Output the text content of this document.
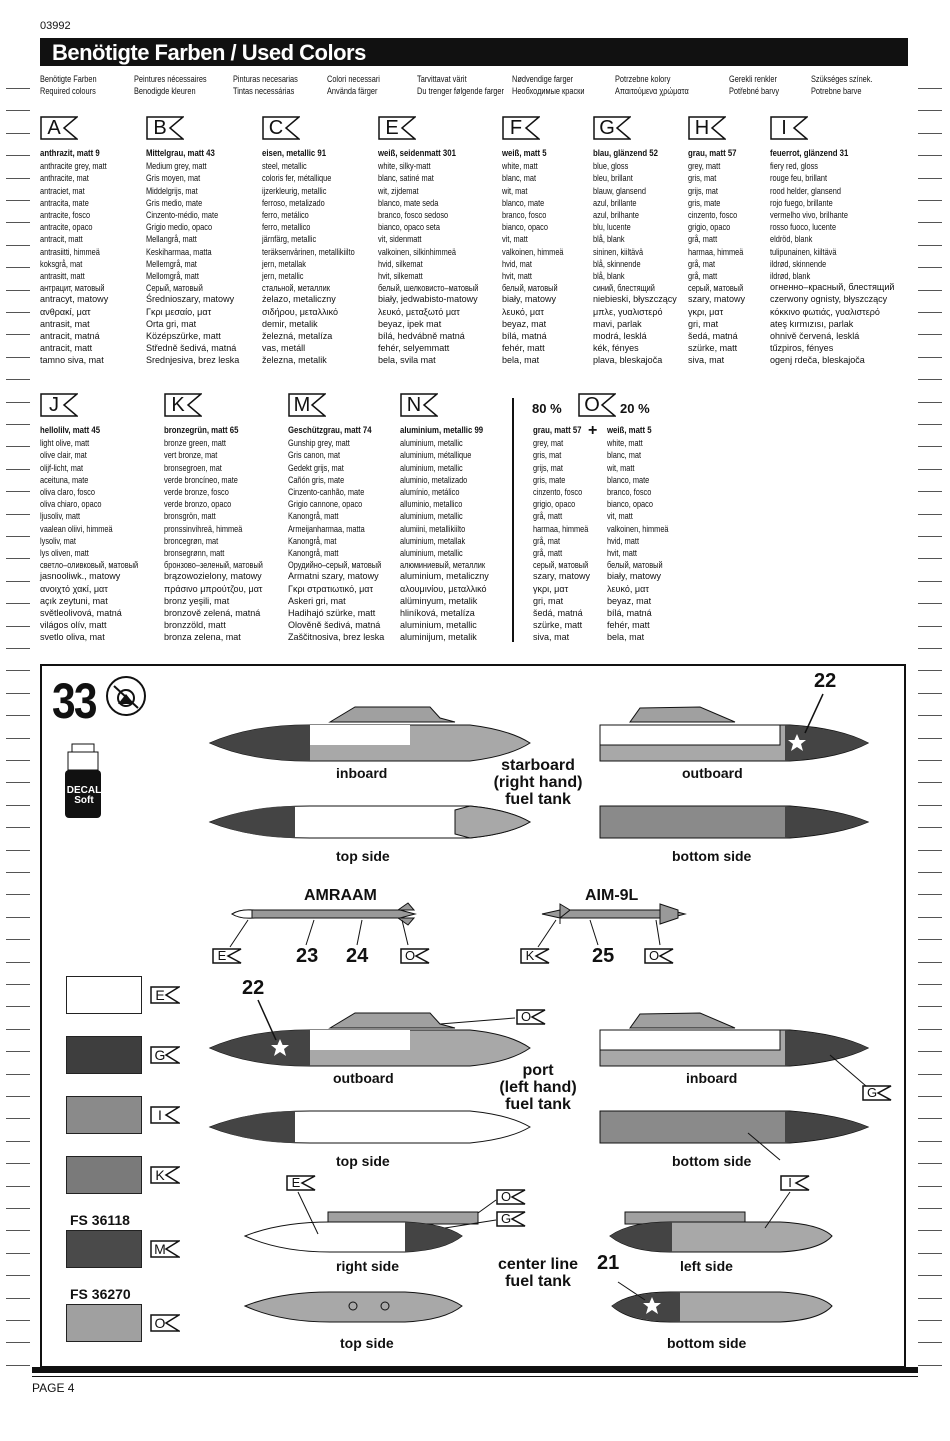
03992
Benötigte Farben / Used Colors
Benötigte Farben
Required colours
Peintures nécessaires
Benodigde kleuren
Pinturas necesarias
Tintas necessárias
Colori necessari
Använda färger
Tarvittavat värit
Du trenger følgende farger
Nødvendige farger
Необходимые краски
Potrzebne kolory
Απαιτούμενα χρώματα
Gerekli renkler
Potřebné barvy
Szükséges színek.
Potrebne barve
A
anthrazit, matt 9
anthracite grey, matt
anthracite, mat
antraciet, mat
antracita, mate
antracite, fosco
antracite, opaco
antracit, matt
antrasiitti, himmeä
koksgrå, mat
antrasitt, matt
антрацит, матовый
antracyt, matowy
ανθρακί, ματ
antrasit, mat
antracit, matná
antracit, matt
tamno siva, mat
B
Mittelgrau, matt 43
Medium grey, matt
Gris moyen, mat
Middelgrijs, mat
Gris medio, mate
Cinzento-médio, mate
Grigio medio, opaco
Mellangrå, matt
Keskiharmaa, matta
Mellemgrå, mat
Mellomgrå, matt
Серый, матовый
Średnioszary, matowy
Γκρι μεσαίο, ματ
Orta gri, mat
Középszürke, matt
Středně šedivá, matná
Srednjesiva, brez leska
C
eisen, metallic 91
steel, metallic
coloris fer, métallique
ijzerkleurig, metallic
ferroso, metalizado
ferro, metálico
ferro, metallico
järnfärg, metallic
teräksenvärinen, metallikiilto
jern, metallak
jern, metallic
стальной, металлик
żelazo, metaliczny
σιδήρου, μεταλλικό
demir, metalik
železná, metalíza
vas, metáll
železna, metalik
E
weiß, seidenmatt 301
white, silky-matt
blanc, satiné mat
wit, zijdemat
blanco, mate seda
branco, fosco sedoso
bianco, opaco seta
vit, sidenmatt
valkoinen, silkinhimmeä
hvid, silkemat
hvit, silkematt
белый, шелковисто–матовый
biały, jedwabisto-matowy
λευκό, μεταξωτό ματ
beyaz, ipek mat
bílá, hedvábně matná
fehér, selyemmatt
bela, svila mat
F
weiß, matt 5
white, matt
blanc, mat
wit, mat
blanco, mate
branco, fosco
bianco, opaco
vit, matt
valkoinen, himmeä
hvid, mat
hvit, matt
белый, матовый
biały, matowy
λευκό, ματ
beyaz, mat
bílá, matná
fehér, matt
bela, mat
G
blau, glänzend 52
blue, gloss
bleu, brillant
blauw, glansend
azul, brillante
azul, brilhante
blu, lucente
blå, blank
sininen, kiiltävä
blå, skinnende
blå, blank
синий, блестящий
niebieski, błyszczący
μπλε, γυαλιστερό
mavi, parlak
modrá, lesklá
kék, fényes
plava, bleskajoča
H
grau, matt 57
grey, matt
gris, mat
grijs, mat
gris, mate
cinzento, fosco
grigio, opaco
grå, matt
harmaa, himmeä
grå, mat
grå, matt
серый, матовый
szary, matowy
γκρι, ματ
gri, mat
šedá, matná
szürke, matt
siva, mat
I
feuerrot, glänzend 31
fiery red, gloss
rouge feu, brillant
rood helder, glansend
rojo fuego, brillante
vermelho vivo, brilhante
rosso fuoco, lucente
eldröd, blank
tulipunainen, kiiltävä
ildrød, skinnende
ildrød, blank
огненно–красный, блестящий
czerwony ognisty, błyszczący
κόκκινο φωτιάς, γυαλιστερό
ateş kırmızısı, parlak
ohnivě červená, lesklá
tűzpiros, fényes
ogenj rdeča, bleskajoča
J
hellolilv, matt 45
light olive, matt
olive clair, mat
olijf-licht, mat
aceituna, mate
oliva claro, fosco
oliva chiaro, opaco
ljusoliv, matt
vaalean oliivi, himmeä
lysoliv, mat
lys oliven, matt
светло–оливковый, матовый
jasnooliwk., matowy
ανοιχτό χακί, ματ
açık zeytuni, mat
světleolivová, matná
világos olív, matt
svetlo oliva, mat
K
bronzegrün, matt 65
bronze green, matt
vert bronze, mat
bronsegroen, mat
verde broncíneo, mate
verde bronze, fosco
verde bronzo, opaco
bronsgrön, matt
pronssinvihreä, himmeä
broncegrøn, mat
bronsegrønn, matt
бронзово–зеленый, матовый
brązowozielony, matowy
πράσινο μπρούτζου, ματ
bronz yeşili, mat
bronzově zelená, matná
bronzzöld, matt
bronza zelena, mat
M
Geschützgrau, matt 74
Gunship grey, matt
Gris canon, mat
Gedekt grijs, mat
Cañón gris, mate
Cinzento-canhão, mate
Grigio cannone, opaco
Kanongrå, matt
Armeijanharmaa, matta
Kanongrå, mat
Kanongrå, matt
Орудийно–серый, матовый
Armatni szary, matowy
Γκρι στρατιωτικό, ματ
Askeri gri, mat
Hadihajó szürke, matt
Olověně šedivá, matná
Zaščitnosiva, brez leska
N
aluminium, metallic 99
aluminium, metallic
aluminium, métallique
aluminium, metallic
aluminio, metalizado
alumínio, metálico
alluminio, metallico
aluminium, metallic
alumiini, metallikiilto
aluminium, metallak
aluminium, metallic
алюминиевый, металлик
aluminium, metaliczny
αλουμινίου, μεταλλικό
alüminyum, metalik
hliníková, metalíza
aluminium, metallic
aluminijum, metalik
80 %	20 %
+
O
grau, matt 57
grey, mat
gris, mat
grijs, mat
gris, mate
cinzento, fosco
grigio, opaco
grå, matt
harmaa, himmeä
grå, mat
grå, matt
серый, матовый
szary, matowy
γκρι, ματ
gri, mat
šedá, matná
szürke, matt
siva, mat
weiß, matt 5
white, matt
blanc, mat
wit, matt
blanco, mate
branco, fosco
bianco, opaco
vit, matt
valkoinen, himmeä
hvid, matt
hvit, matt
белый, матовый
biały, matowy
λευκό, ματ
beyaz, mat
bílá, matná
fehér, matt
bela, mat
33
DECAL
Soft
22
inboard	outboard
top side	bottom side
starboard
(right hand)
fuel tank
AMRAAM	AIM-9L
23 24	25
22
outboard	inboard
top side	bottom side
port
(left hand)
fuel tank
right side	left side
top side	bottom side
center line
fuel tank
21
E
G
I
K
M
FS 36118
O
FS 36270
E	O	K	O
O
G
E
O
G
I
PAGE 4
